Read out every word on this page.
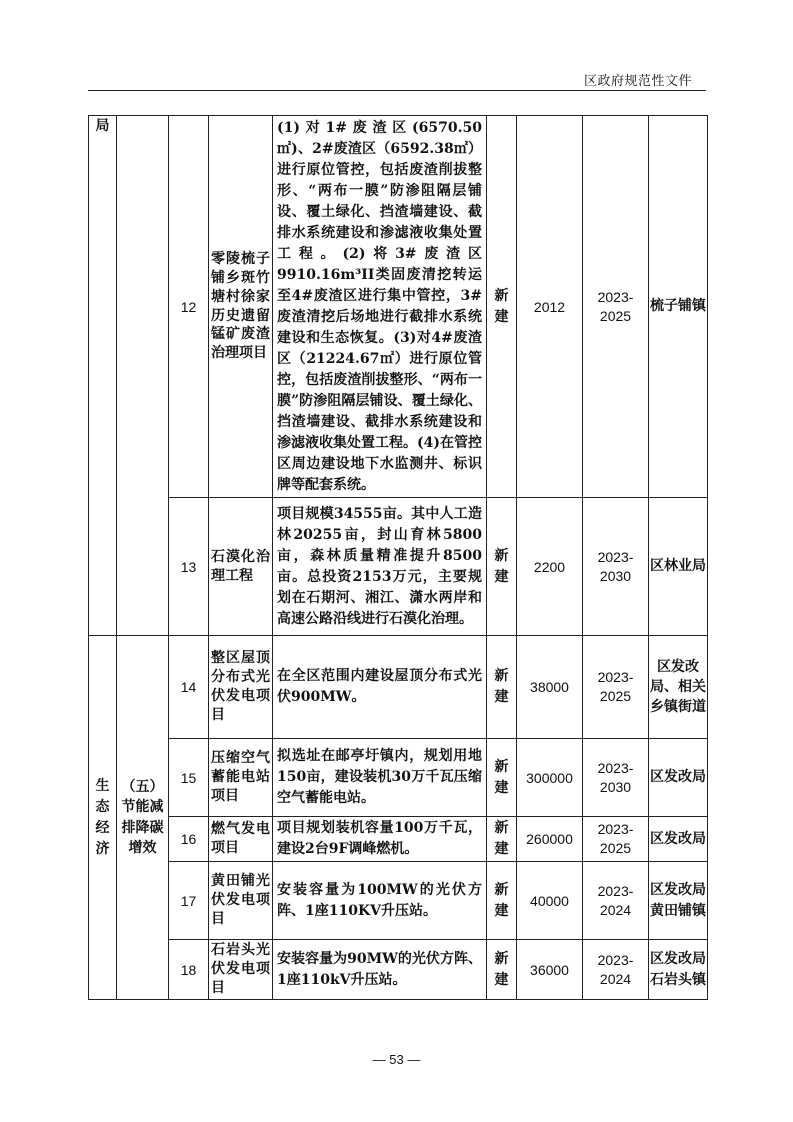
区政府规范性文件
局		12	零陵梳子铺乡斑竹塘村徐家历史遗留锰矿废渣治理项目	(1)对1#废渣区(6570.50㎡)、2#废渣区（6592.38㎡）进行原位管控，包括废渣削拔整形、“两布一膜”防渗阻隔层铺设、覆土绿化、挡渣墙建设、截排水系统建设和渗滤液收集处置工程。(2)将3#废渣区9910.16m³II类固废清挖转运至4#废渣区进行集中管控，3#废渣清挖后场地进行截排水系统建设和生态恢复。(3)对4#废渣区（21224.67㎡）进行原位管控，包括废渣削拔整形、“两布一膜”防渗阻隔层铺设、覆土绿化、挡渣墙建设、截排水系统建设和渗滤液收集处置工程。(4)在管控区周边建设地下水监测井、标识牌等配套系统。	新建	2012	2023-2025	梳子铺镇
		13	石漠化治理工程	项目规模34555亩。其中人工造林20255亩，封山育林5800亩，森林质量精准提升8500亩。总投资2153万元，主要规划在石期河、湘江、潇水两岸和高速公路沿线进行石漠化治理。	新建	2200	2023-2030	区林业局

生态经济	（五）节能减排降碳增效	14	整区屋顶分布式光伏发电项目	在全区范围内建设屋顶分布式光伏900MW。	新建	38000	2023-2025	区发改局、相关乡镇街道
		15	压缩空气蓄能电站项目	拟选址在邮亭圩镇内，规划用地150亩，建设装机30万千瓦压缩空气蓄能电站。	新建	300000	2023-2030	区发改局
		16	燃气发电项目	项目规划装机容量100万千瓦，建设2台9F调峰燃机。	新建	260000	2023-2025	区发改局
		17	黄田铺光伏发电项目	安装容量为100MW的光伏方阵、1座110KV升压站。	新建	40000	2023-2024	区发改局黄田铺镇
		18	石岩头光伏发电项目	安装容量为90MW的光伏方阵、1座110kV升压站。	新建	36000	2023-2024	区发改局石岩头镇
— 53 —
